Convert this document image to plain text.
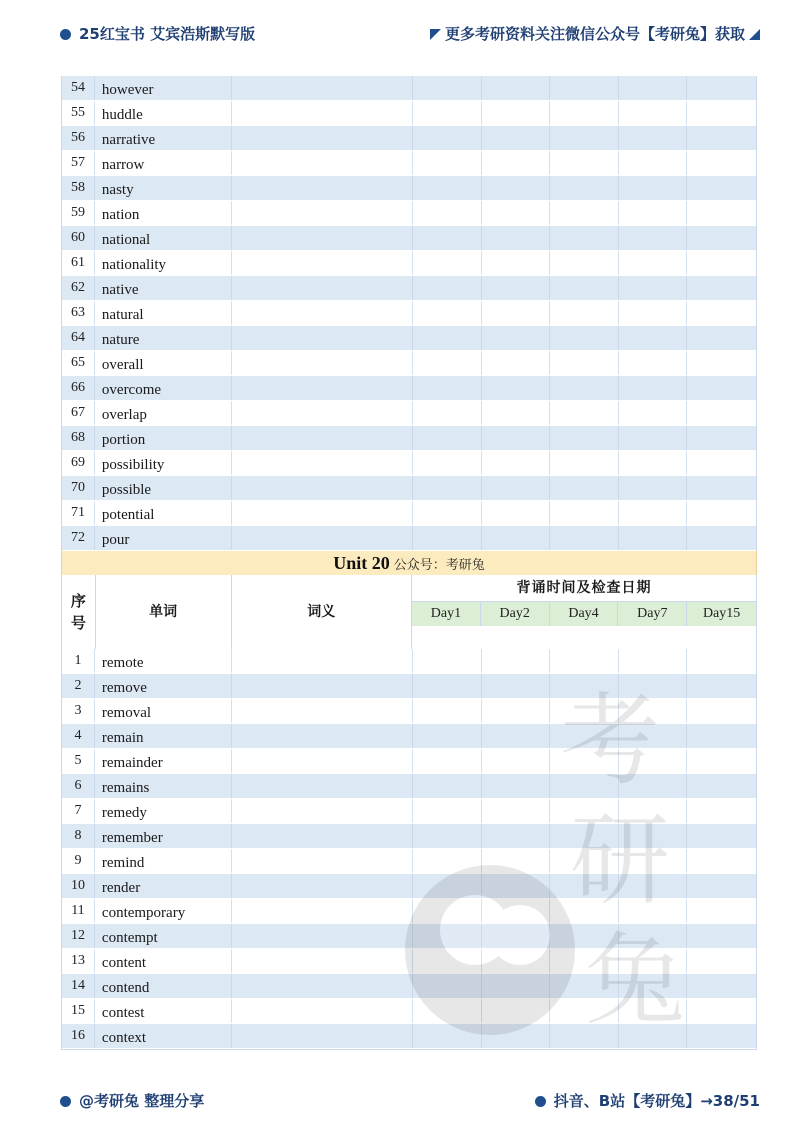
25红宝书 艾宾浩斯默写版	更多考研资料关注微信公众号【考研兔】获取
54	however
55	huddle
56	narrative
57	narrow
58	nasty
59	nation
60	national
61	nationality
62	native
63	natural
64	nature
65	overall
66	overcome
67	overlap
68	portion
69	possibility
70	possible
71	potential
72	pour
Unit 20 公众号：考研兔
序
号
单词	词义
背诵时间及检查日期
Day1	Day2	Day4	Day7	Day15
1	remote
2	remove
3	removal
4	remain
5	remainder
6	remains
7	remedy
8	remember
9	remind
10	render
11	contemporary
12	contempt
13	content
14	contend
15	contest
16	context
@考研兔 整理分享	抖音、B站【考研兔】→38/51
